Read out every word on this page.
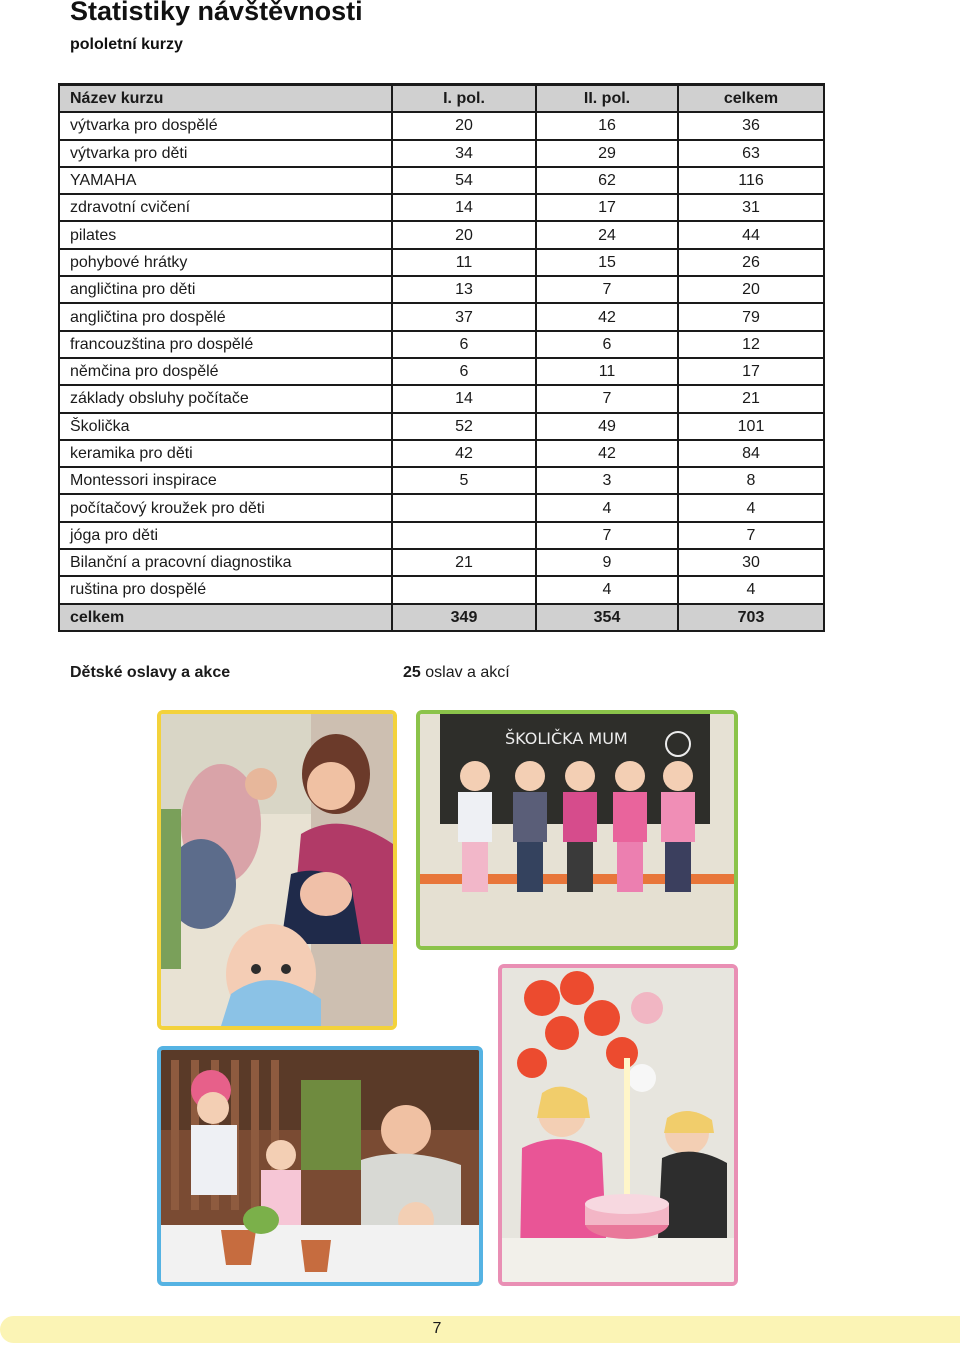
Statistiky návštěvnosti
pololetní kurzy
Název kurzu	I. pol.	II. pol.	celkem
výtvarka pro dospělé	20	16	36
výtvarka pro děti	34	29	63
YAMAHA	54	62	116
zdravotní cvičení	14	17	31
pilates	20	24	44
pohybové hrátky	11	15	26
angličtina pro děti	13	7	20
angličtina pro dospělé	37	42	79
francouzština pro dospělé	6	6	12
němčina pro dospělé	6	11	17
základy obsluhy počítače	14	7	21
Školička	52	49	101
keramika pro děti	42	42	84
Montessori inspirace	5	3	8
počítačový kroužek pro děti		4	4
jóga pro děti		7	7
Bilanční a pracovní diagnostika	21	9	30
ruština pro dospělé		4	4
celkem	349	354	703
Dětské oslavy a akce	25 oslav a akcí
ŠKOLIČKA MUM
7
